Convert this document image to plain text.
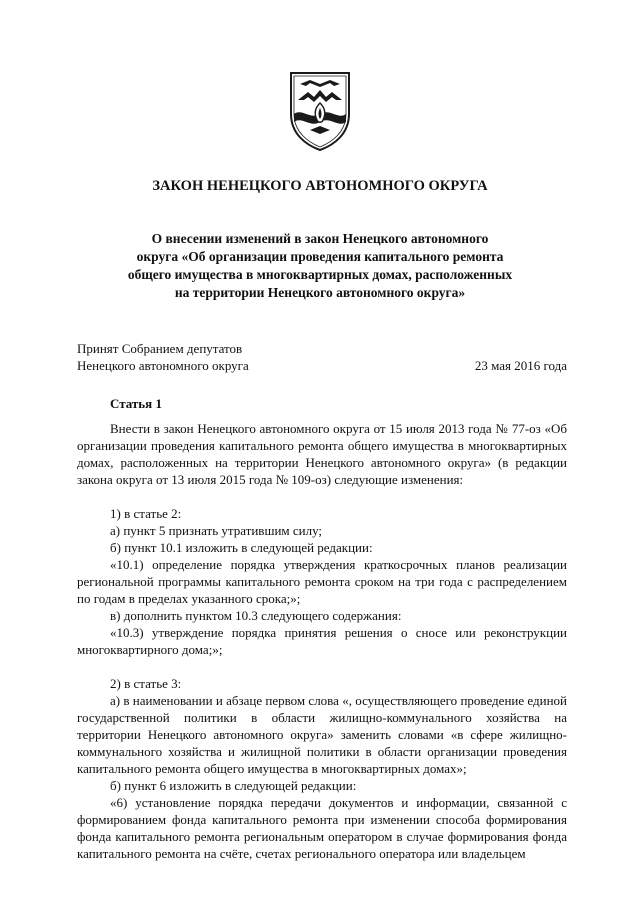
ЗАКОН НЕНЕЦКОГО АВТОНОМНОГО ОКРУГА
О внесении изменений в закон Ненецкого автономного
округа «Об организации проведения капитального ремонта
общего имущества в многоквартирных домах, расположенных
на территории Ненецкого автономного округа»
Принят Собранием депутатов
Ненецкого автономного округа	23 мая 2016 года
Статья 1

Внести в закон Ненецкого автономного округа от 15 июля 2013 года № 77-оз «Об организации проведения капитального ремонта общего имущества в многоквартирных домах, расположенных на территории Ненецкого автономного округа» (в редакции закона округа от 13 июля 2015 года № 109-оз) следующие изменения:

1) в статье 2:

а) пункт 5 признать утратившим силу;

б) пункт 10.1 изложить в следующей редакции:

«10.1) определение порядка утверждения краткосрочных планов реализации региональной программы капитального ремонта сроком на три года с распределением по годам в пределах указанного срока;»;

в) дополнить пунктом 10.3 следующего содержания:

«10.3) утверждение порядка принятия решения о сносе или реконструкции многоквартирного дома;»;

2) в статье 3:

а) в наименовании и абзаце первом слова «, осуществляющего проведение единой государственной политики в области жилищно-коммунального хозяйства на территории Ненецкого автономного округа» заменить словами «в сфере жилищно-коммунального хозяйства и жилищной политики в области организации проведения капитального ремонта общего имущества в многоквартирных домах»;

б) пункт 6 изложить в следующей редакции:

«6) установление порядка передачи документов и информации, связанной с формированием фонда капитального ремонта при изменении способа формирования фонда капитального ремонта региональным оператором в случае формирования фонда капитального ремонта на счёте, счетах регионального оператора или владельцем
